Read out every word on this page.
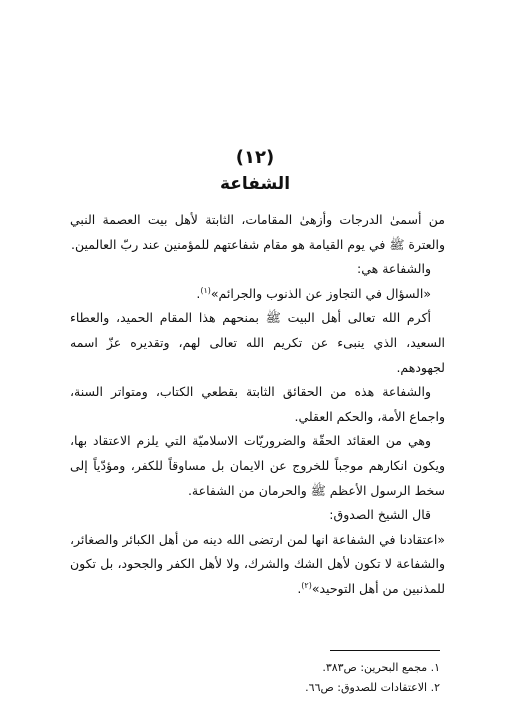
(١٢)
الشفاعة

من أسمىٰ الدرجات وأزهىٰ المقامات، الثابتة لأهل بيت العصمة النبي والعترة ﷺ في يوم القيامة هو مقام شفاعتهم للمؤمنين عند ربّ العالمين.

والشفاعة هي:

«السؤال في التجاوز عن الذنوب والجرائم»$^{(١)}$.

أكرم الله تعالى أهل البيت ﷺ بمنحهم هذا المقام الحميد، والعطاء السعيد، الذي ينبىء عن تكريم الله تعالى لهم، وتقديره عزّ اسمه لجهودهم.

والشفاعة هذه من الحقائق الثابتة بقطعي الكتاب، ومتواتر السنة، واجماع الأمة، والحكم العقلي.

وهي من العقائد الحقّة والضروريّات الاسلاميّة التي يلزم الاعتقاد بها، ويكون انكارهم موجباً للخروج عن الايمان بل مساوقاً للكفر، ومؤدّياً إلى سخط الرسول الأعظم ﷺ والحرمان من الشفاعة.

قال الشيخ الصدوق:

«اعتقادنا في الشفاعة انها لمن ارتضى الله دينه من أهل الكبائر والصغائر، والشفاعة لا تكون لأهل الشك والشرك، ولا لأهل الكفر والجحود، بل تكون للمذنبين من أهل التوحيد»$^{(٢)}$.

١. مجمع البحرين: ص٣٨٣.

٢. الاعتقادات للصدوق: ص٦٦.
